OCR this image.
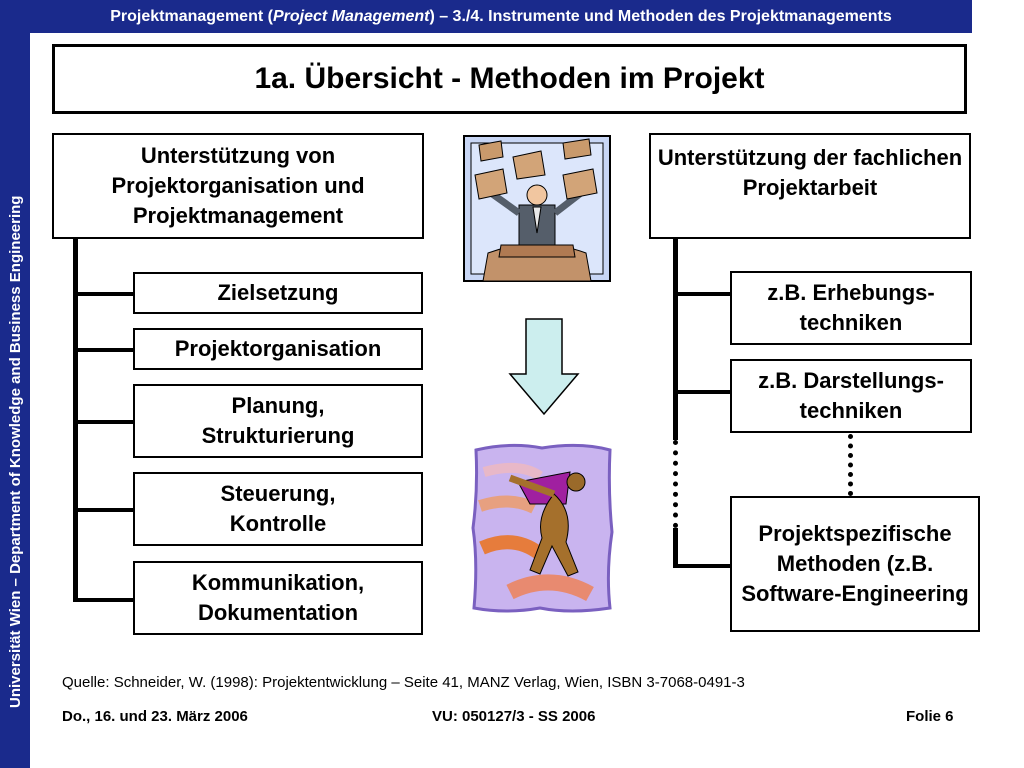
Universität Wien – Department of Knowledge and Business Engineering
Projektmanagement (Project Management) – 3./4. Instrumente und Methoden des Projektmanagements
1a. Übersicht - Methoden im Projekt
Unterstützung von Projektorganisation und Projektmanagement
Zielsetzung
Projektorganisation
Planung, Strukturierung
Steuerung, Kontrolle
Kommunikation, Dokumentation
Unterstützung der fachlichen Projektarbeit
z.B. Erhebungs-techniken
z.B. Darstellungs-techniken
Projektspezifische Methoden (z.B. Software-Engineering
Quelle: Schneider, W. (1998): Projektentwicklung – Seite 41, MANZ Verlag, Wien, ISBN 3-7068-0491-3
Do., 16. und 23. März 2006	VU: 050127/3 - SS 2006	Folie 6
